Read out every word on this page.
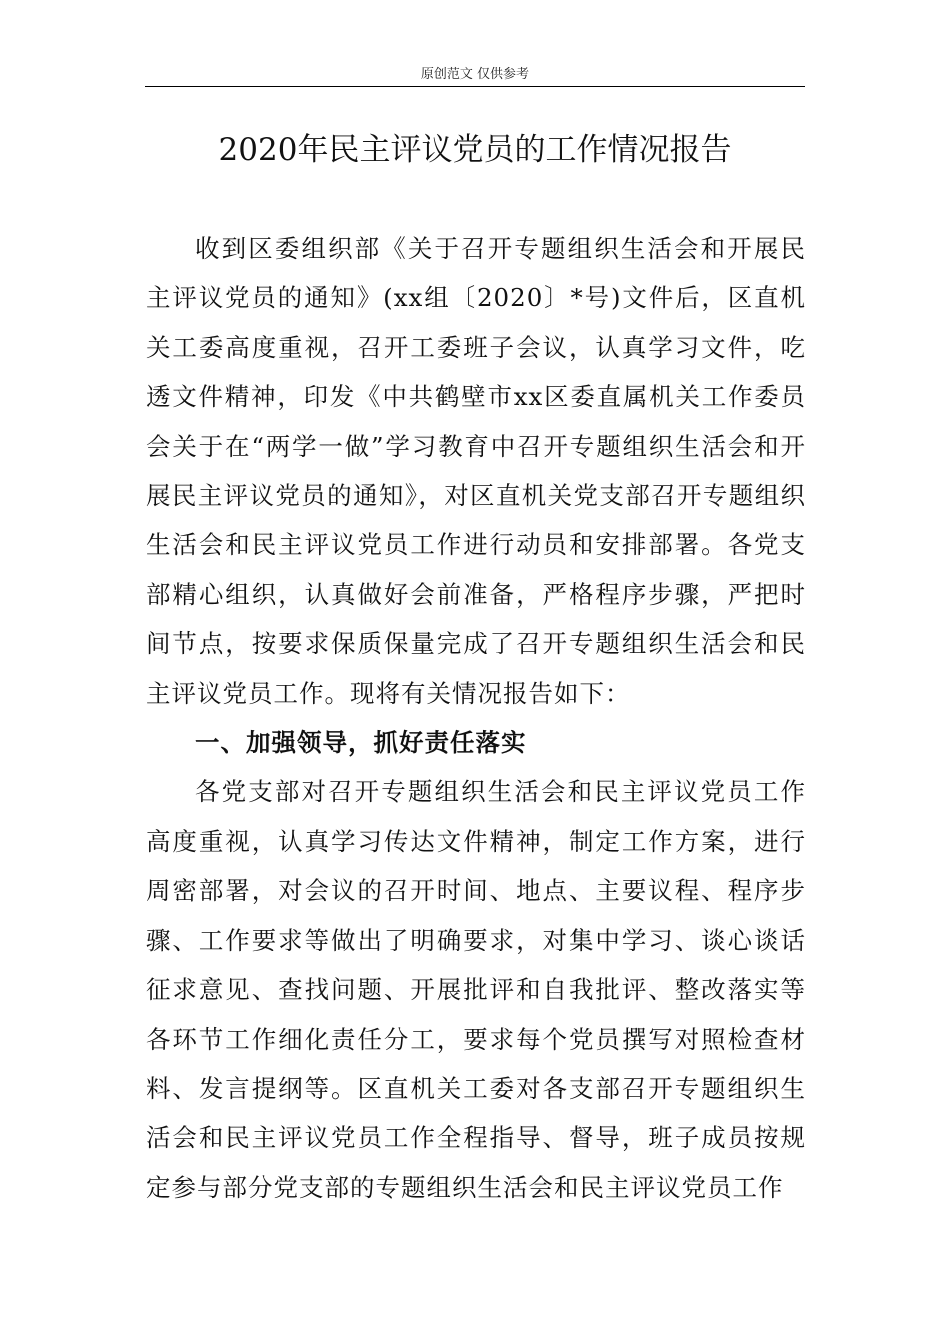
原创范文 仅供参考
2020年民主评议党员的工作情况报告

收到区委组织部《关于召开专题组织生活会和开展民主评议党员的通知》(xx组〔2020〕*号)文件后，区直机关工委高度重视，召开工委班子会议，认真学习文件，吃透文件精神，印发《中共鹤壁市xx区委直属机关工作委员会关于在“两学一做”学习教育中召开专题组织生活会和开展民主评议党员的通知》，对区直机关党支部召开专题组织生活会和民主评议党员工作进行动员和安排部署。各党支部精心组织，认真做好会前准备，严格程序步骤，严把时间节点，按要求保质保量完成了召开专题组织生活会和民主评议党员工作。现将有关情况报告如下：

一、加强领导，抓好责任落实

各党支部对召开专题组织生活会和民主评议党员工作高度重视，认真学习传达文件精神，制定工作方案，进行周密部署，对会议的召开时间、地点、主要议程、程序步骤、工作要求等做出了明确要求，对集中学习、谈心谈话征求意见、查找问题、开展批评和自我批评、整改落实等各环节工作细化责任分工，要求每个党员撰写对照检查材料、发言提纲等。区直机关工委对各支部召开专题组织生活会和民主评议党员工作全程指导、督导，班子成员按规定参与部分党支部的专题组织生活会和民主评议党员工作
